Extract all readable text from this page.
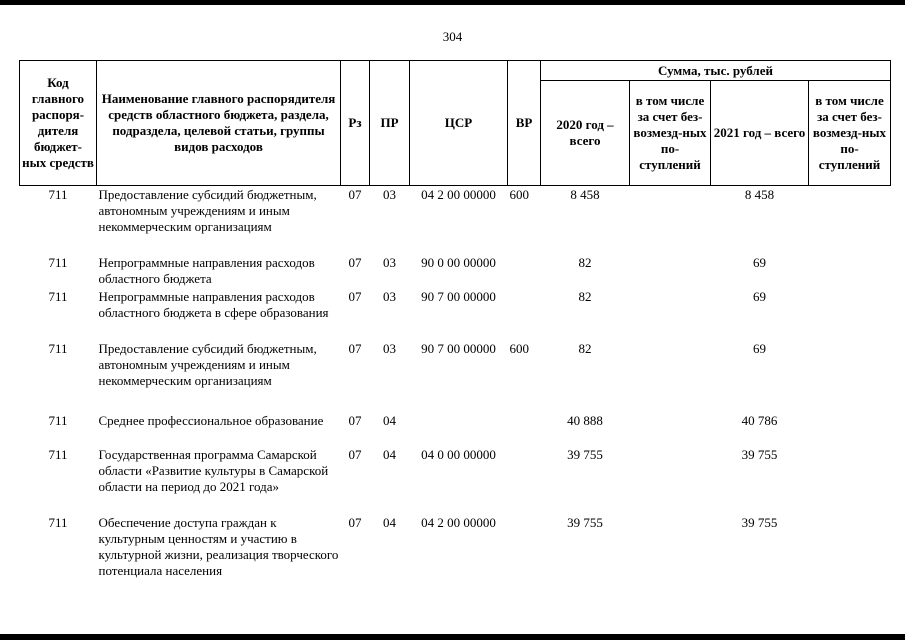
304
Код главного распоря-дителя бюджет-ных средств	Наименование главного распорядителя средств областного бюджета, раздела, подраздела, целевой статьи, группы видов расходов	Рз	ПР	ЦСР	ВР	Сумма, тыс. рублей			
						2020 год – всего	в том числе за счет без-возмезд-ных по-ступлений	2021 год – всего	в том числе за счет без-возмезд-ных по-ступлений
711	Предоставление субсидий бюджетным, автономным учреждениям и иным некоммерческим организациям	07	03	04 2 00 00000	600	8 458		8 458	
711	Непрограммные направления расходов областного бюджета	07	03	90 0 00 00000		82		69	
711	Непрограммные направления расходов областного бюджета в сфере образования	07	03	90 7 00 00000		82		69	
711	Предоставление субсидий бюджетным, автономным учреждениям и иным некоммерческим организациям	07	03	90 7 00 00000	600	82		69	
711	Среднее профессиональное образование	07	04			40 888		40 786	
711	Государственная программа Самарской области «Развитие культуры в Самарской области на период до 2021 года»	07	04	04 0 00 00000		39 755		39 755	
711	Обеспечение доступа граждан к культурным ценностям и участию в культурной жизни, реализация творческого потенциала населения	07	04	04 2 00 00000		39 755		39 755	
